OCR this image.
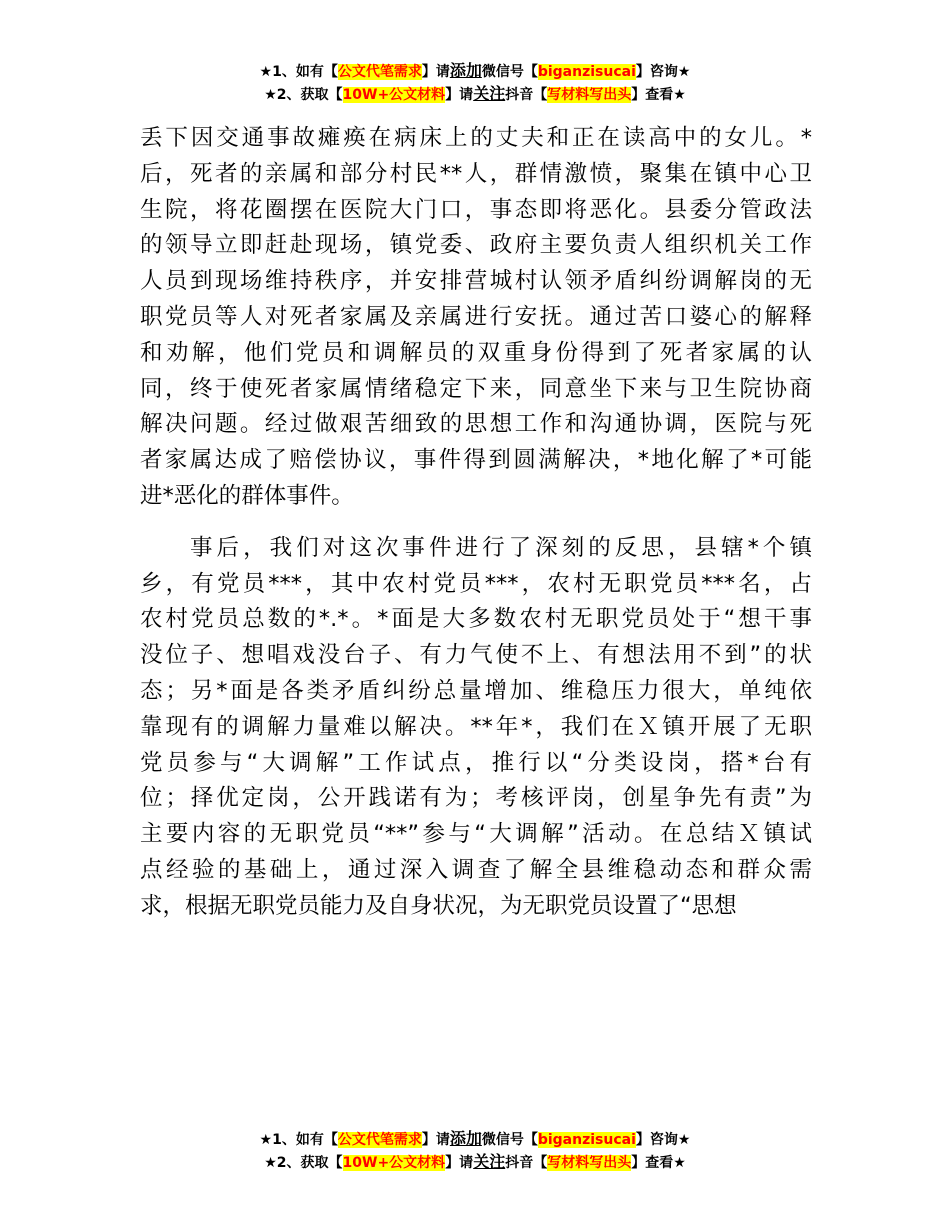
★1、如有【公文代笔需求】请添加微信号【biganzisucai】咨询★
★2、获取【10W+公文材料】请关注抖音【写材料写出头】查看★

丢下因交通事故瘫痪在病床上的丈夫和正在读高中的女儿。*
后，死者的亲属和部分村民**人，群情激愤，聚集在镇中心卫
生院，将花圈摆在医院大门口，事态即将恶化。县委分管政法
的领导立即赶赴现场，镇党委、政府主要负责人组织机关工作
人员到现场维持秩序，并安排营城村认领矛盾纠纷调解岗的无
职党员等人对死者家属及亲属进行安抚。通过苦口婆心的解释
和劝解，他们党员和调解员的双重身份得到了死者家属的认
同，终于使死者家属情绪稳定下来，同意坐下来与卫生院协商
解决问题。经过做艰苦细致的思想工作和沟通协调，医院与死
者家属达成了赔偿协议，事件得到圆满解决，*地化解了*可能
进*恶化的群体事件。

事后，我们对这次事件进行了深刻的反思，县辖*个镇
乡，有党员***，其中农村党员***，农村无职党员***名，占
农村党员总数的*.*。*面是大多数农村无职党员处于“想干事
没位子、想唱戏没台子、有力气使不上、有想法用不到”的状
态；另*面是各类矛盾纠纷总量增加、维稳压力很大，单纯依
靠现有的调解力量难以解决。**年*，我们在Ｘ镇开展了无职
党员参与“大调解”工作试点，推行以“分类设岗，搭*台有
位；择优定岗，公开践诺有为；考核评岗，创星争先有责”为
主要内容的无职党员“**”参与“大调解”活动。在总结Ｘ镇试
点经验的基础上，通过深入调查了解全县维稳动态和群众需
求，根据无职党员能力及自身状况，为无职党员设置了“思想

★1、如有【公文代笔需求】请添加微信号【biganzisucai】咨询★
★2、获取【10W+公文材料】请关注抖音【写材料写出头】查看★
